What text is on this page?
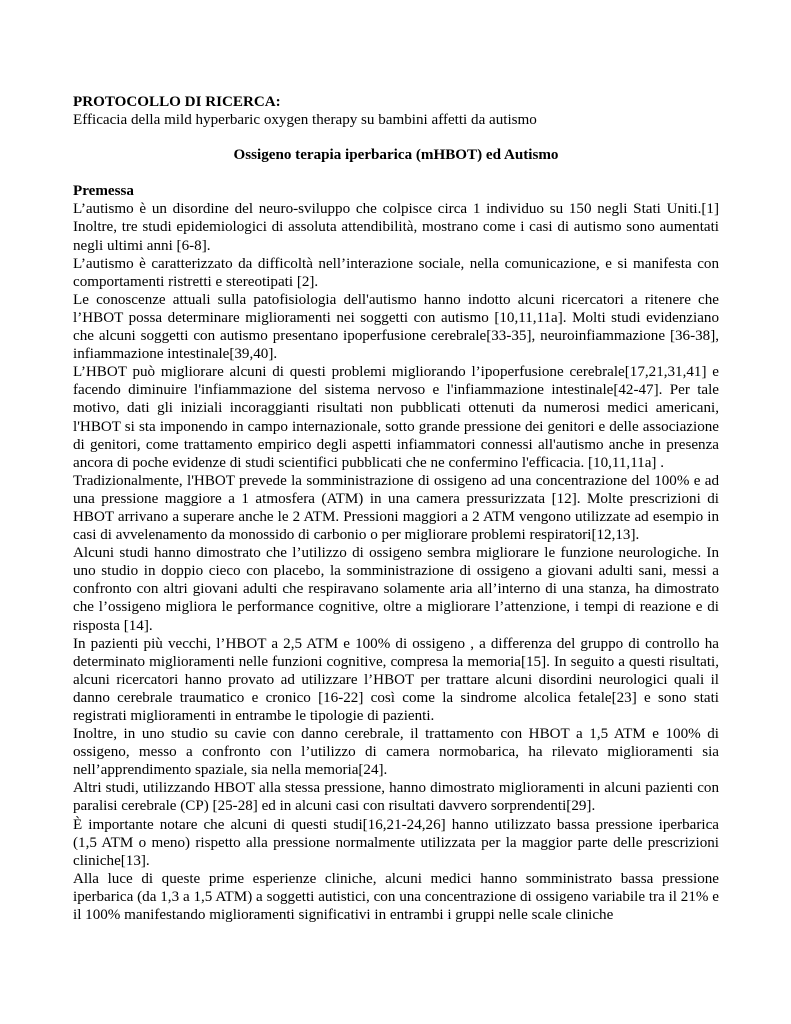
PROTOCOLLO DI RICERCA:

Efficacia della mild hyperbaric oxygen therapy su bambini affetti da autismo

Ossigeno terapia iperbarica (mHBOT) ed Autismo

Premessa

L’autismo è un disordine del neuro-sviluppo che colpisce circa 1 individuo su 150 negli Stati Uniti.[1] Inoltre, tre studi epidemiologici di assoluta attendibilità, mostrano come i casi di autismo sono aumentati negli ultimi anni [6-8].

L’autismo è caratterizzato da difficoltà nell’interazione sociale, nella comunicazione, e si manifesta con comportamenti ristretti e stereotipati [2].

Le conoscenze attuali sulla patofisiologia dell'autismo hanno indotto alcuni ricercatori a ritenere che l’HBOT possa determinare miglioramenti nei soggetti con autismo [10,11,11a]. Molti studi evidenziano che alcuni soggetti con autismo presentano ipoperfusione cerebrale[33-35], neuroinfiammazione [36-38], infiammazione intestinale[39,40].

L’HBOT può migliorare alcuni di questi problemi migliorando l’ipoperfusione cerebrale[17,21,31,41] e facendo diminuire l'infiammazione del sistema nervoso e l'infiammazione intestinale[42-47]. Per tale motivo, dati gli iniziali incoraggianti risultati non pubblicati ottenuti da numerosi medici americani, l'HBOT si sta imponendo in campo internazionale, sotto grande pressione dei genitori e delle associazione di genitori, come trattamento empirico degli aspetti infiammatori connessi all'autismo anche in presenza ancora di poche evidenze di studi scientifici pubblicati che ne confermino l'efficacia. [10,11,11a] .

Tradizionalmente, l'HBOT prevede la somministrazione di ossigeno ad una concentrazione del 100% e ad una pressione maggiore a 1 atmosfera (ATM) in una camera pressurizzata [12]. Molte prescrizioni di HBOT arrivano a superare anche le 2 ATM. Pressioni maggiori a 2 ATM vengono utilizzate ad esempio in casi di avvelenamento da monossido di carbonio o per migliorare problemi respiratori[12,13].

Alcuni studi hanno dimostrato che l’utilizzo di ossigeno sembra migliorare le funzione neurologiche. In uno studio in doppio cieco con placebo, la somministrazione di ossigeno a giovani adulti sani, messi a confronto con altri giovani adulti che respiravano solamente aria all’interno di una stanza, ha dimostrato che l’ossigeno migliora le performance cognitive, oltre a migliorare l’attenzione, i tempi di reazione e di risposta [14].

In pazienti più vecchi, l’HBOT a 2,5 ATM e 100% di ossigeno , a differenza del gruppo di controllo ha determinato miglioramenti nelle funzioni cognitive, compresa la memoria[15]. In seguito a questi risultati, alcuni ricercatori hanno provato ad utilizzare l’HBOT per trattare alcuni disordini neurologici quali il danno cerebrale traumatico e cronico [16-22] così come la sindrome alcolica fetale[23] e sono stati registrati miglioramenti in entrambe le tipologie di pazienti.

Inoltre, in uno studio su cavie con danno cerebrale, il trattamento con HBOT a 1,5 ATM e 100% di ossigeno, messo a confronto con l’utilizzo di camera normobarica, ha rilevato miglioramenti sia nell’apprendimento spaziale, sia nella memoria[24].

Altri studi, utilizzando HBOT alla stessa pressione, hanno dimostrato miglioramenti in alcuni pazienti con paralisi cerebrale (CP) [25-28] ed in alcuni casi con risultati davvero sorprendenti[29].

È importante notare che alcuni di questi studi[16,21-24,26] hanno utilizzato bassa pressione iperbarica (1,5 ATM o meno) rispetto alla pressione normalmente utilizzata per la maggior parte delle prescrizioni cliniche[13].

Alla luce di queste prime esperienze cliniche, alcuni medici hanno somministrato bassa pressione iperbarica (da 1,3 a 1,5 ATM) a soggetti autistici, con una concentrazione di ossigeno variabile tra il 21% e il 100% manifestando miglioramenti significativi in entrambi i gruppi nelle scale cliniche
